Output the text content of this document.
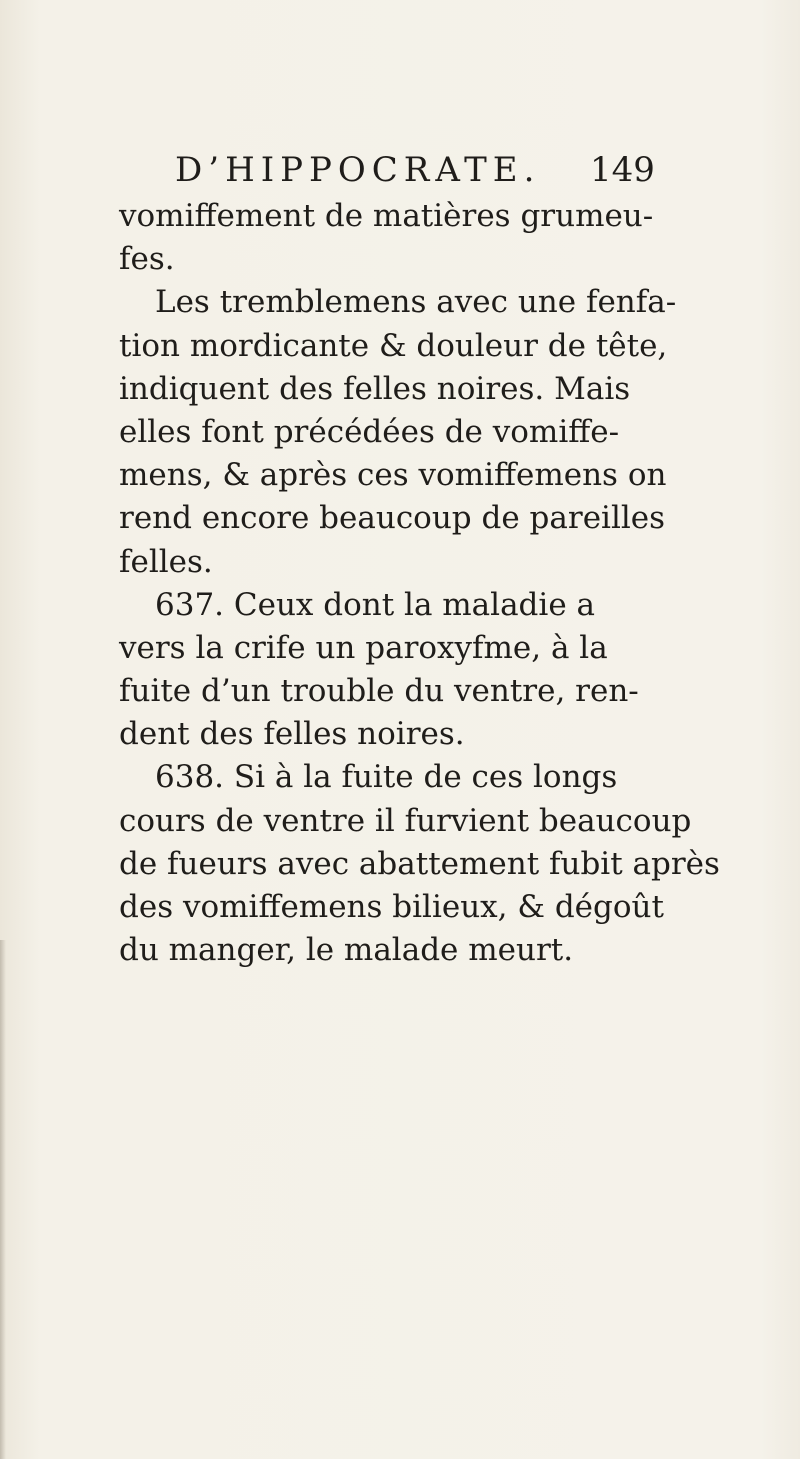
D’HIPPOCRATE. 149
vomiffement de matières grumeu-
fes.
Les tremblemens avec une fenfa-
tion mordicante & douleur de tête,
indiquent des felles noires. Mais
elles font précédées de vomiffe-
mens, & après ces vomiffemens on
rend encore beaucoup de pareilles
felles.
637. Ceux dont la maladie a
vers la crife un paroxyfme, à la
fuite d’un trouble du ventre, ren-
dent des felles noires.
638. Si à la fuite de ces longs
cours de ventre il furvient beaucoup
de fueurs avec abattement fubit après
des vomiffemens bilieux, & dégoût
du manger, le malade meurt.
